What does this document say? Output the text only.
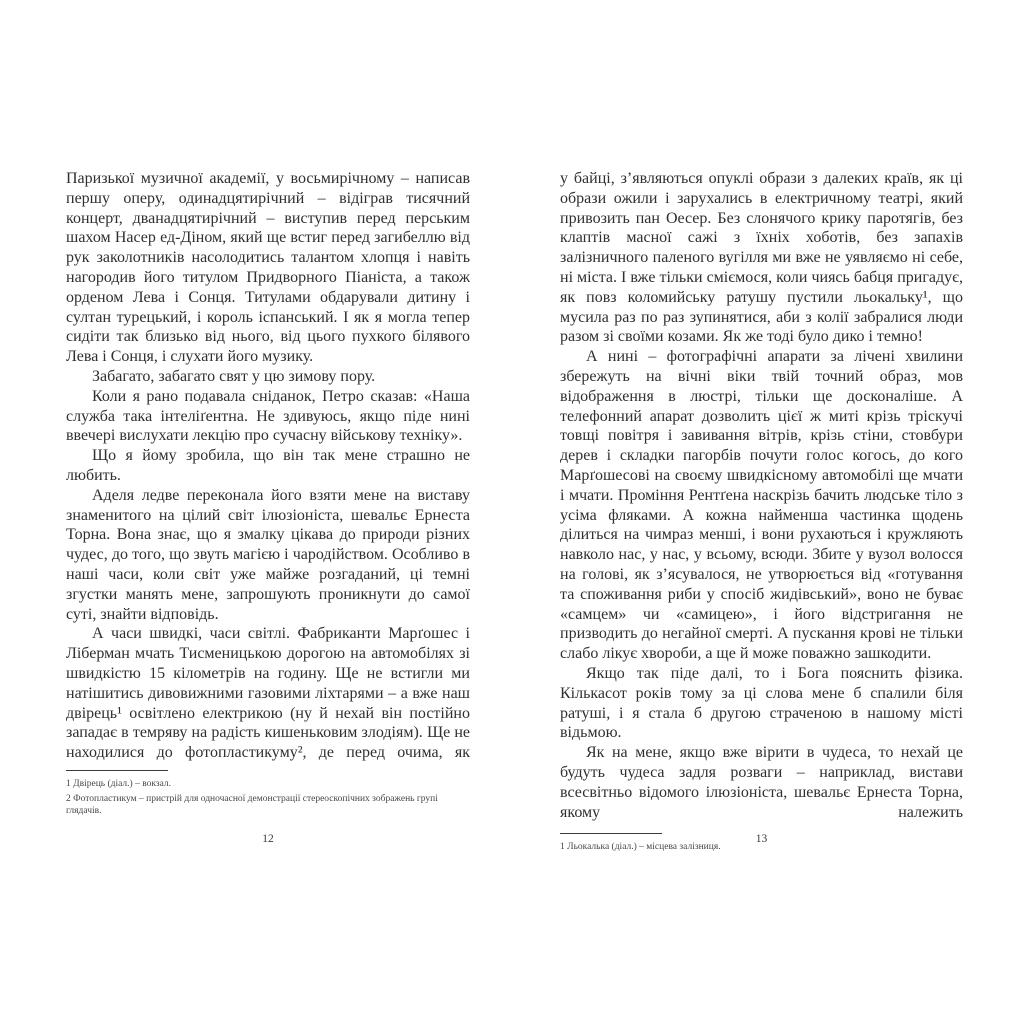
Паризької музичної академії, у восьмирічному – написав першу оперу, одинадцятирічний – відіграв тисячний концерт, дванадцятирічний – виступив перед перським шахом Насер ед-Діном, який ще встиг перед загибеллю від рук заколотників насолодитись талантом хлопця і навіть нагородив його титулом Придворного Піаніста, а також орденом Лева і Сонця. Титулами обдарували дитину і султан турецький, і король іспанський. І як я могла тепер сидіти так близько від нього, від цього пухкого білявого Лева і Сонця, і слухати його музику.

Забагато, забагато свят у цю зимову пору.

Коли я рано подавала сніданок, Петро сказав: «Наша служба така інтеліґентна. Не здивуюсь, якщо піде нині ввечері вислухати лекцію про сучасну військову техніку».

Що я йому зробила, що він так мене страшно не любить.

Аделя ледве переконала його взяти мене на виставу знаменитого на цілий світ ілюзіоніста, шевальє Ернеста Торна. Вона знає, що я змалку цікава до природи різних чудес, до того, що звуть магією і чародійством. Особливо в наші часи, коли світ уже майже розгаданий, ці темні згустки манять мене, запрошують проникнути до самої суті, знайти відповідь.

А часи швидкі, часи світлі. Фабриканти Марґошес і Ліберман мчать Тисменицькою дорогою на автомобілях зі швидкістю 15 кілометрів на годину. Ще не встигли ми натішитись дивовижними газовими ліхтарями – а вже наш двірець¹ освітлено електрикою (ну й нехай він постійно западає в темряву на радість кишеньковим злодіям). Ще не находилися до фотопластикуму², де перед очима, як

1 Двірець (діал.) – вокзал.

2 Фотопластикум – пристрій для одночасної демонстрації стереоскопічних зображень групі глядачів.

12

у байці, з’являються опуклі образи з далеких країв, як ці образи ожили і зарухались в електричному театрі, який привозить пан Оесер. Без слонячого крику паротягів, без клаптів масної сажі з їхніх хоботів, без запахів залізничного паленого вугілля ми вже не уявляємо ні себе, ні міста. І вже тільки сміємося, коли чиясь бабця пригадує, як повз коломийську ратушу пустили льокальку¹, що мусила раз по раз зупинятися, аби з колії забралися люди разом зі своїми козами. Як же тоді було дико і темно!

А нині – фотографічні апарати за лічені хвилини збережуть на вічні віки твій точний образ, мов відображення в люстрі, тільки ще досконаліше. А телефонний апарат дозволить цієї ж миті крізь тріскучі товщі повітря і завивання вітрів, крізь стіни, стовбури дерев і складки пагорбів почути голос когось, до кого Марґошесові на своєму швидкісному автомобілі ще мчати і мчати. Проміння Рентґена наскрізь бачить людське тіло з усіма фляками. А кожна найменша частинка щодень ділиться на чимраз менші, і вони рухаються і кружляють навколо нас, у нас, у всьому, всюди. Збите у вузол волосся на голові, як з’ясувалося, не утворюється від «готування та споживання риби у спосіб жидівський», воно не буває «самцем» чи «самицею», і його відстригання не призводить до негайної смерті. А пускання крові не тільки слабо лікує хвороби, а ще й може поважно зашкодити.

Якщо так піде далі, то і Бога пояснить фізика. Кількасот років тому за ці слова мене б спалили біля ратуші, і я стала б другою страченою в нашому місті відьмою.

Як на мене, якщо вже вірити в чудеса, то нехай це будуть чудеса задля розваги – наприклад, вистави всесвітньо відомого ілюзіоніста, шевальє Ернеста Торна, якому належить

1 Льокалька (діал.) – місцева залізниця.

13
